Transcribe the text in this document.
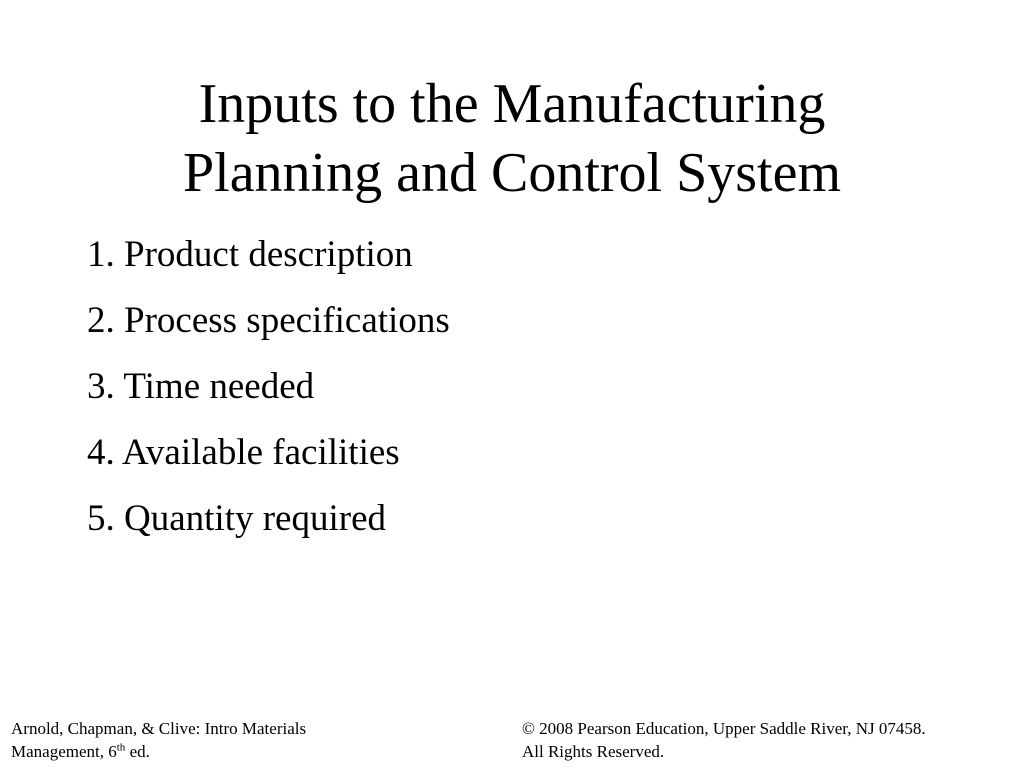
Inputs to the Manufacturing
Planning and Control System
1. Product description
2. Process specifications
3. Time needed
4. Available facilities
5. Quantity required
Arnold, Chapman, & Clive: Intro Materials
Management, 6th ed.
© 2008 Pearson Education, Upper Saddle River, NJ 07458.
All Rights Reserved.
